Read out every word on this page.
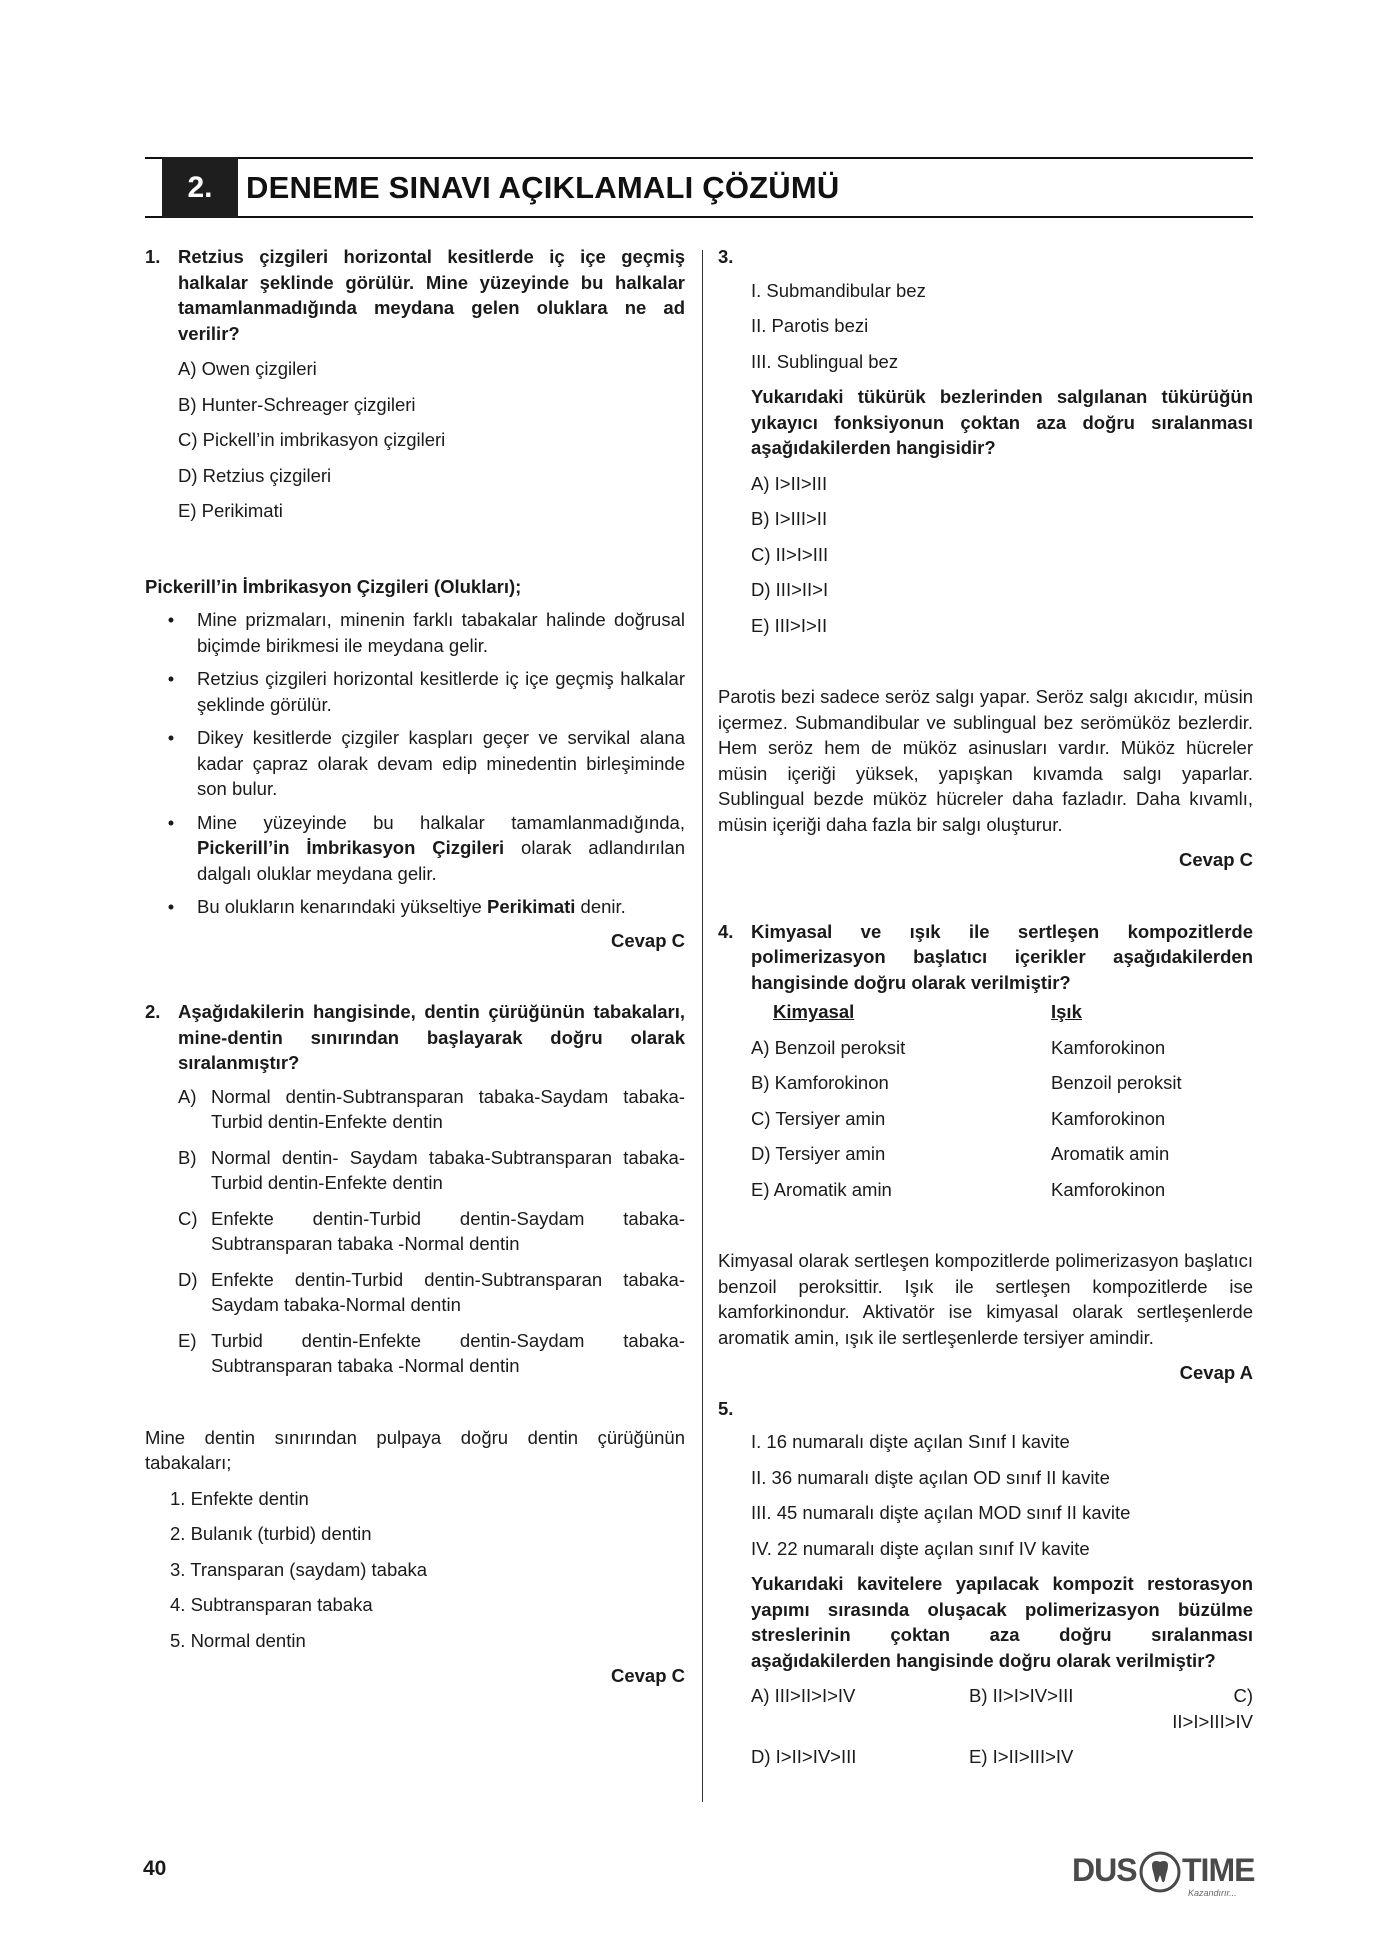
2. DENEME SINAVI AÇIKLAMALI ÇÖZÜMÜ
1. Retzius çizgileri horizontal kesitlerde iç içe geçmiş halkalar şeklinde görülür. Mine yüzeyinde bu halkalar tamamlanmadığında meydana gelen oluklara ne ad verilir?
A) Owen çizgileri
B) Hunter-Schreager çizgileri
C) Pickell’in imbrikasyon çizgileri
D) Retzius çizgileri
E) Perikimati
Pickerill’in İmbrikasyon Çizgileri (Olukları);
•	Mine prizmaları, minenin farklı tabakalar halinde doğrusal biçimde birikmesi ile meydana gelir.
•	Retzius çizgileri horizontal kesitlerde iç içe geçmiş halkalar şeklinde görülür.
•	Dikey kesitlerde çizgiler kaspları geçer ve servikal alana kadar çapraz olarak devam edip minedentin birleşiminde son bulur.
•	Mine yüzeyinde bu halkalar tamamlanmadığında, Pickerill’in İmbrikasyon Çizgileri olarak adlandırılan dalgalı oluklar meydana gelir.
•	Bu olukların kenarındaki yükseltiye Perikimati denir.
Cevap C
2. Aşağıdakilerin hangisinde, dentin çürüğünün tabakaları, mine-dentin sınırından başlayarak doğru olarak sıralanmıştır?
A) Normal dentin-Subtransparan tabaka-Saydam tabaka-Turbid dentin-Enfekte dentin
B) Normal dentin- Saydam tabaka-Subtransparan tabaka-Turbid dentin-Enfekte dentin
C) Enfekte dentin-Turbid dentin-Saydam tabaka-Subtransparan tabaka -Normal dentin
D) Enfekte dentin-Turbid dentin-Subtransparan tabaka-Saydam tabaka-Normal dentin
E) Turbid dentin-Enfekte dentin-Saydam tabaka-Subtransparan tabaka -Normal dentin
Mine dentin sınırından pulpaya doğru dentin çürüğünün tabakaları;
1. Enfekte dentin
2. Bulanık (turbid) dentin
3. Transparan (saydam) tabaka
4. Subtransparan tabaka
5. Normal dentin
Cevap C
3.
I. Submandibular bez
II. Parotis bezi
III. Sublingual bez
Yukarıdaki tükürük bezlerinden salgılanan tükürüğün yıkayıcı fonksiyonun çoktan aza doğru sıralanması aşağıdakilerden hangisidir?
A) I>II>III
B) I>III>II
C) II>I>III
D) III>II>I
E) III>I>II
Parotis bezi sadece seröz salgı yapar. Seröz salgı akıcıdır, müsin içermez. Submandibular ve sublingual bez serömüköz bezlerdir. Hem seröz hem de müköz asinusları vardır. Müköz hücreler müsin içeriği yüksek, yapışkan kıvamda salgı yaparlar. Sublingual bezde müköz hücreler daha fazladır. Daha kıvamlı, müsin içeriği daha fazla bir salgı oluşturur.
Cevap C
4. Kimyasal ve ışık ile sertleşen kompozitlerde polimerizasyon başlatıcı içerikler aşağıdakilerden hangisinde doğru olarak verilmiştir?
Kimyasal	Işık
A) Benzoil peroksit	Kamforokinon
B) Kamforokinon	Benzoil peroksit
C) Tersiyer amin	Kamforokinon
D) Tersiyer amin	Aromatik amin
E) Aromatik amin	Kamforokinon
Kimyasal olarak sertleşen kompozitlerde polimerizasyon başlatıcı benzoil peroksittir. Işık ile sertleşen kompozitlerde ise kamforkinondur. Aktivatör ise kimyasal olarak sertleşenlerde aromatik amin, ışık ile sertleşenlerde tersiyer amindir.
Cevap A
5.
I. 16 numaralı dişte açılan Sınıf I kavite
II. 36 numaralı dişte açılan OD sınıf II kavite
III. 45 numaralı dişte açılan MOD sınıf II kavite
IV. 22 numaralı dişte açılan sınıf IV kavite
Yukarıdaki kavitelere yapılacak kompozit restorasyon yapımı sırasında oluşacak polimerizasyon büzülme streslerinin çoktan aza doğru sıralanması aşağıdakilerden hangisinde doğru olarak verilmiştir?
A) III>II>I>IV	B) II>I>IV>III	C) II>I>III>IV
D) I>II>IV>III	E) I>II>III>IV
40	DUS TIME
Kazandırır...
